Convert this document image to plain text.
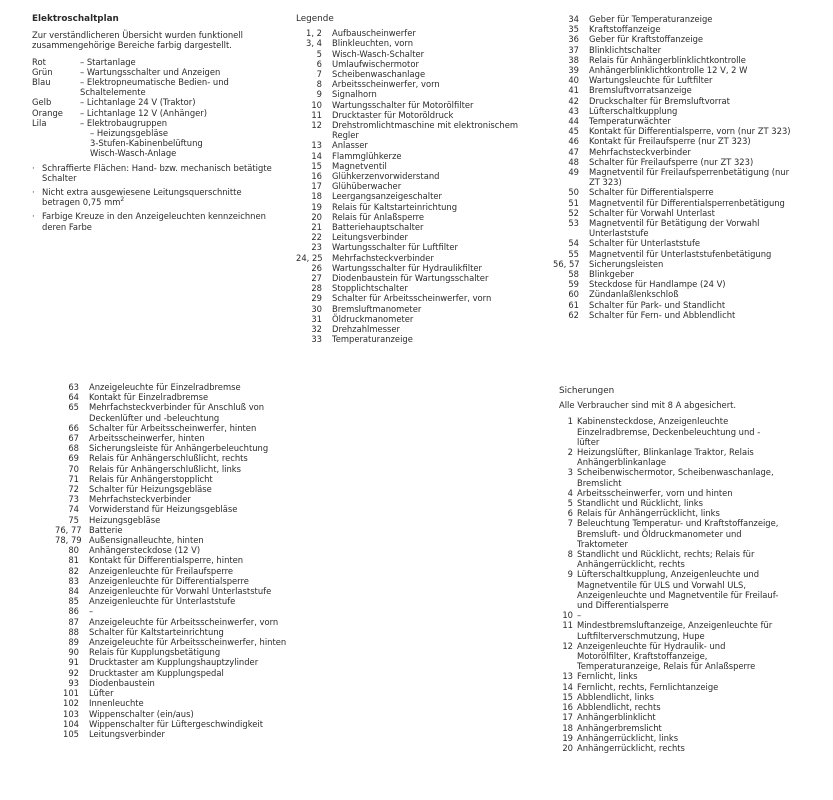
Elektroschaltplan
Zur verständlicheren Übersicht wurden funktionell zusammengehörige Bereiche farbig dargestellt.
Rot	– Startanlage
Grün	– Wartungsschalter und Anzeigen
Blau	– Elektropneumatische Bedien- und Schaltelemente
Gelb	– Lichtanlage 24 V (Traktor)
Orange	– Lichtanlage 12 V (Anhänger)
Lila	– Elektrobaugruppen
– Heizungsgebläse
3-Stufen-Kabinenbelüftung
Wisch-Wasch-Anlage
· Schraffierte Flächen: Hand- bzw. mechanisch betätigte Schalter
· Nicht extra ausgewiesene Leitungsquerschnitte betragen 0,75 $mm^2$
· Farbige Kreuze in den Anzeigeleuchten kennzeichnen deren Farbe
Legende
1, 2 Aufbauscheinwerfer
3, 4 Blinkleuchten, vorn
5 Wisch-Wasch-Schalter
6 Umlaufwischermotor
7 Scheibenwaschanlage
8 Arbeitsscheinwerfer, vorn
9 Signalhorn
10 Wartungsschalter für Motorölfilter
11 Drucktaster für Motoröldruck
12 Drehstromlichtmaschine mit elektronischem Regler
13 Anlasser
14 Flammglühkerze
15 Magnetventil
16 Glühkerzenvorwiderstand
17 Glühüberwacher
18 Leergangsanzeigeschalter
19 Relais für Kaltstarteinrichtung
20 Relais für Anlaßsperre
21 Batteriehauptschalter
22 Leitungsverbinder
23 Wartungsschalter für Luftfilter
24, 25 Mehrfachsteckverbinder
26 Wartungsschalter für Hydraulikfilter
27 Diodenbaustein für Wartungsschalter
28 Stopplichtschalter
29 Schalter für Arbeitsscheinwerfer, vorn
30 Bremsluftmanometer
31 Öldruckmanometer
32 Drehzahlmesser
33 Temperaturanzeige
34 Geber für Temperaturanzeige
35 Kraftstoffanzeige
36 Geber für Kraftstoffanzeige
37 Blinklichtschalter
38 Relais für Anhängerblinklichtkontrolle
39 Anhängerblinklichtkontrolle 12 V, 2 W
40 Wartungsleuchte für Luftfilter
41 Bremsluftvorratsanzeige
42 Druckschalter für Bremsluftvorrat
43 Lüfterschaltkupplung
44 Temperaturwächter
45 Kontakt für Differentialsperre, vorn (nur ZT 323)
46 Kontakt für Freilaufsperre (nur ZT 323)
47 Mehrfachsteckverbinder
48 Schalter für Freilaufsperre (nur ZT 323)
49 Magnetventil für Freilaufsperrenbetätigung (nur ZT 323)
50 Schalter für Differentialsperre
51 Magnetventil für Differentialsperrenbetätigung
52 Schalter für Vorwahl Unterlast
53 Magnetventil für Betätigung der Vorwahl Unterlaststufe
54 Schalter für Unterlaststufe
55 Magnetventil für Unterlaststufenbetätigung
56, 57 Sicherungsleisten
58 Blinkgeber
59 Steckdose für Handlampe (24 V)
60 Zündanlaßlenkschloß
61 Schalter für Park- und Standlicht
62 Schalter für Fern- und Abblendlicht
63 Anzeigeleuchte für Einzelradbremse
64 Kontakt für Einzelradbremse
65 Mehrfachsteckverbinder für Anschluß von Deckenlüfter und -beleuchtung
66 Schalter für Arbeitsscheinwerfer, hinten
67 Arbeitsscheinwerfer, hinten
68 Sicherungsleiste für Anhängerbeleuchtung
69 Relais für Anhängerschlußlicht, rechts
70 Relais für Anhängerschlußlicht, links
71 Relais für Anhängerstopplicht
72 Schalter für Heizungsgebläse
73 Mehrfachsteckverbinder
74 Vorwiderstand für Heizungsgebläse
75 Heizungsgebläse
76, 77 Batterie
78, 79 Außensignalleuchte, hinten
80 Anhängersteckdose (12 V)
81 Kontakt für Differentialsperre, hinten
82 Anzeigenleuchte für Freilaufsperre
83 Anzeigenleuchte für Differentialsperre
84 Anzeigenleuchte für Vorwahl Unterlaststufe
85 Anzeigenleuchte für Unterlaststufe
86 –
87 Anzeigeleuchte für Arbeitsscheinwerfer, vorn
88 Schalter für Kaltstarteinrichtung
89 Anzeigeleuchte für Arbeitsscheinwerfer, hinten
90 Relais für Kupplungsbetätigung
91 Drucktaster am Kupplungshauptzylinder
92 Drucktaster am Kupplungspedal
93 Diodenbaustein
101 Lüfter
102 Innenleuchte
103 Wippenschalter (ein/aus)
104 Wippenschalter für Lüftergeschwindigkeit
105 Leitungsverbinder
Sicherungen
Alle Verbraucher sind mit 8 A abgesichert.
1 Kabinensteckdose, Anzeigenleuchte Einzelradbremse, Deckenbeleuchtung und -lüfter
2 Heizungslüfter, Blinkanlage Traktor, Relais Anhängerblinkanlage
3 Scheibenwischermotor, Scheibenwaschanlage, Bremslicht
4 Arbeitsscheinwerfer, vorn und hinten
5 Standlicht und Rücklicht, links
6 Relais für Anhängerrücklicht, links
7 Beleuchtung Temperatur- und Kraftstoffanzeige, Bremsluft- und Öldruckmanometer und Traktometer
8 Standlicht und Rücklicht, rechts; Relais für Anhängerrücklicht, rechts
9 Lüfterschaltkupplung, Anzeigenleuchte und Magnetventile für ULS und Vorwahl ULS, Anzeigenleuchte und Magnetventile für Freilauf- und Differentialsperre
10 –
11 Mindestbremsluftanzeige, Anzeigenleuchte für Luftfilterverschmutzung, Hupe
12 Anzeigenleuchte für Hydraulik- und Motorölfilter, Kraftstoffanzeige, Temperaturanzeige, Relais für Anlaßsperre
13 Fernlicht, links
14 Fernlicht, rechts, Fernlichtanzeige
15 Abblendlicht, links
16 Abblendlicht, rechts
17 Anhängerblinklicht
18 Anhängerbremslicht
19 Anhängerrücklicht, links
20 Anhängerrücklicht, rechts
